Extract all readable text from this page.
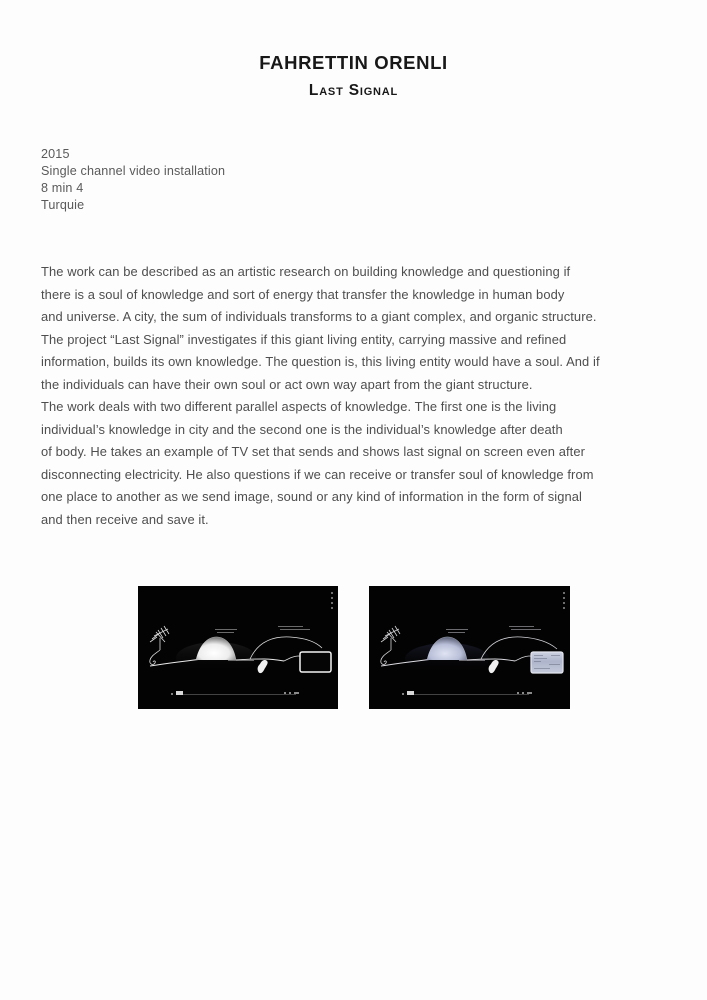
FAHRETTIN ORENLI
Last Signal
2015
Single channel video installation
8 min 4
Turquie
The work can be described as an artistic research on building knowledge and questioning if
there is a soul of knowledge and sort of energy that transfer the knowledge in human body
and universe. A city, the sum of individuals transforms to a giant complex, and organic structure.
The project “Last Signal” investigates if this giant living entity, carrying massive and refined
information, builds its own knowledge. The question is, this living entity would have a soul. And if
the individuals can have their own soul or act own way apart from the giant structure.
The work deals with two different parallel aspects of knowledge. The first one is the living
individual’s knowledge in city and the second one is the individual’s knowledge after death
of body. He takes an example of TV set that sends and shows last signal on screen even after
disconnecting electricity. He also questions if we can receive or transfer soul of knowledge from
one place to another as we send image, sound or any kind of information in the form of signal
and then receive and save it.
